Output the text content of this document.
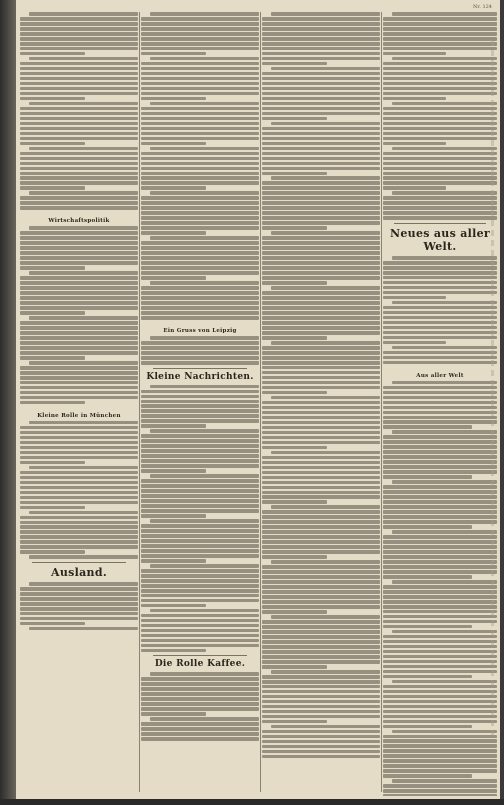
Nr. 124
Wirtschaftspolitik
Kleine Rolle in München
Ausland.
Ein Gruss von Leipzig
Kleine Nachrichten.
Die Rolle Kaffee.
Neues aus aller Welt.
Aus aller Welt
